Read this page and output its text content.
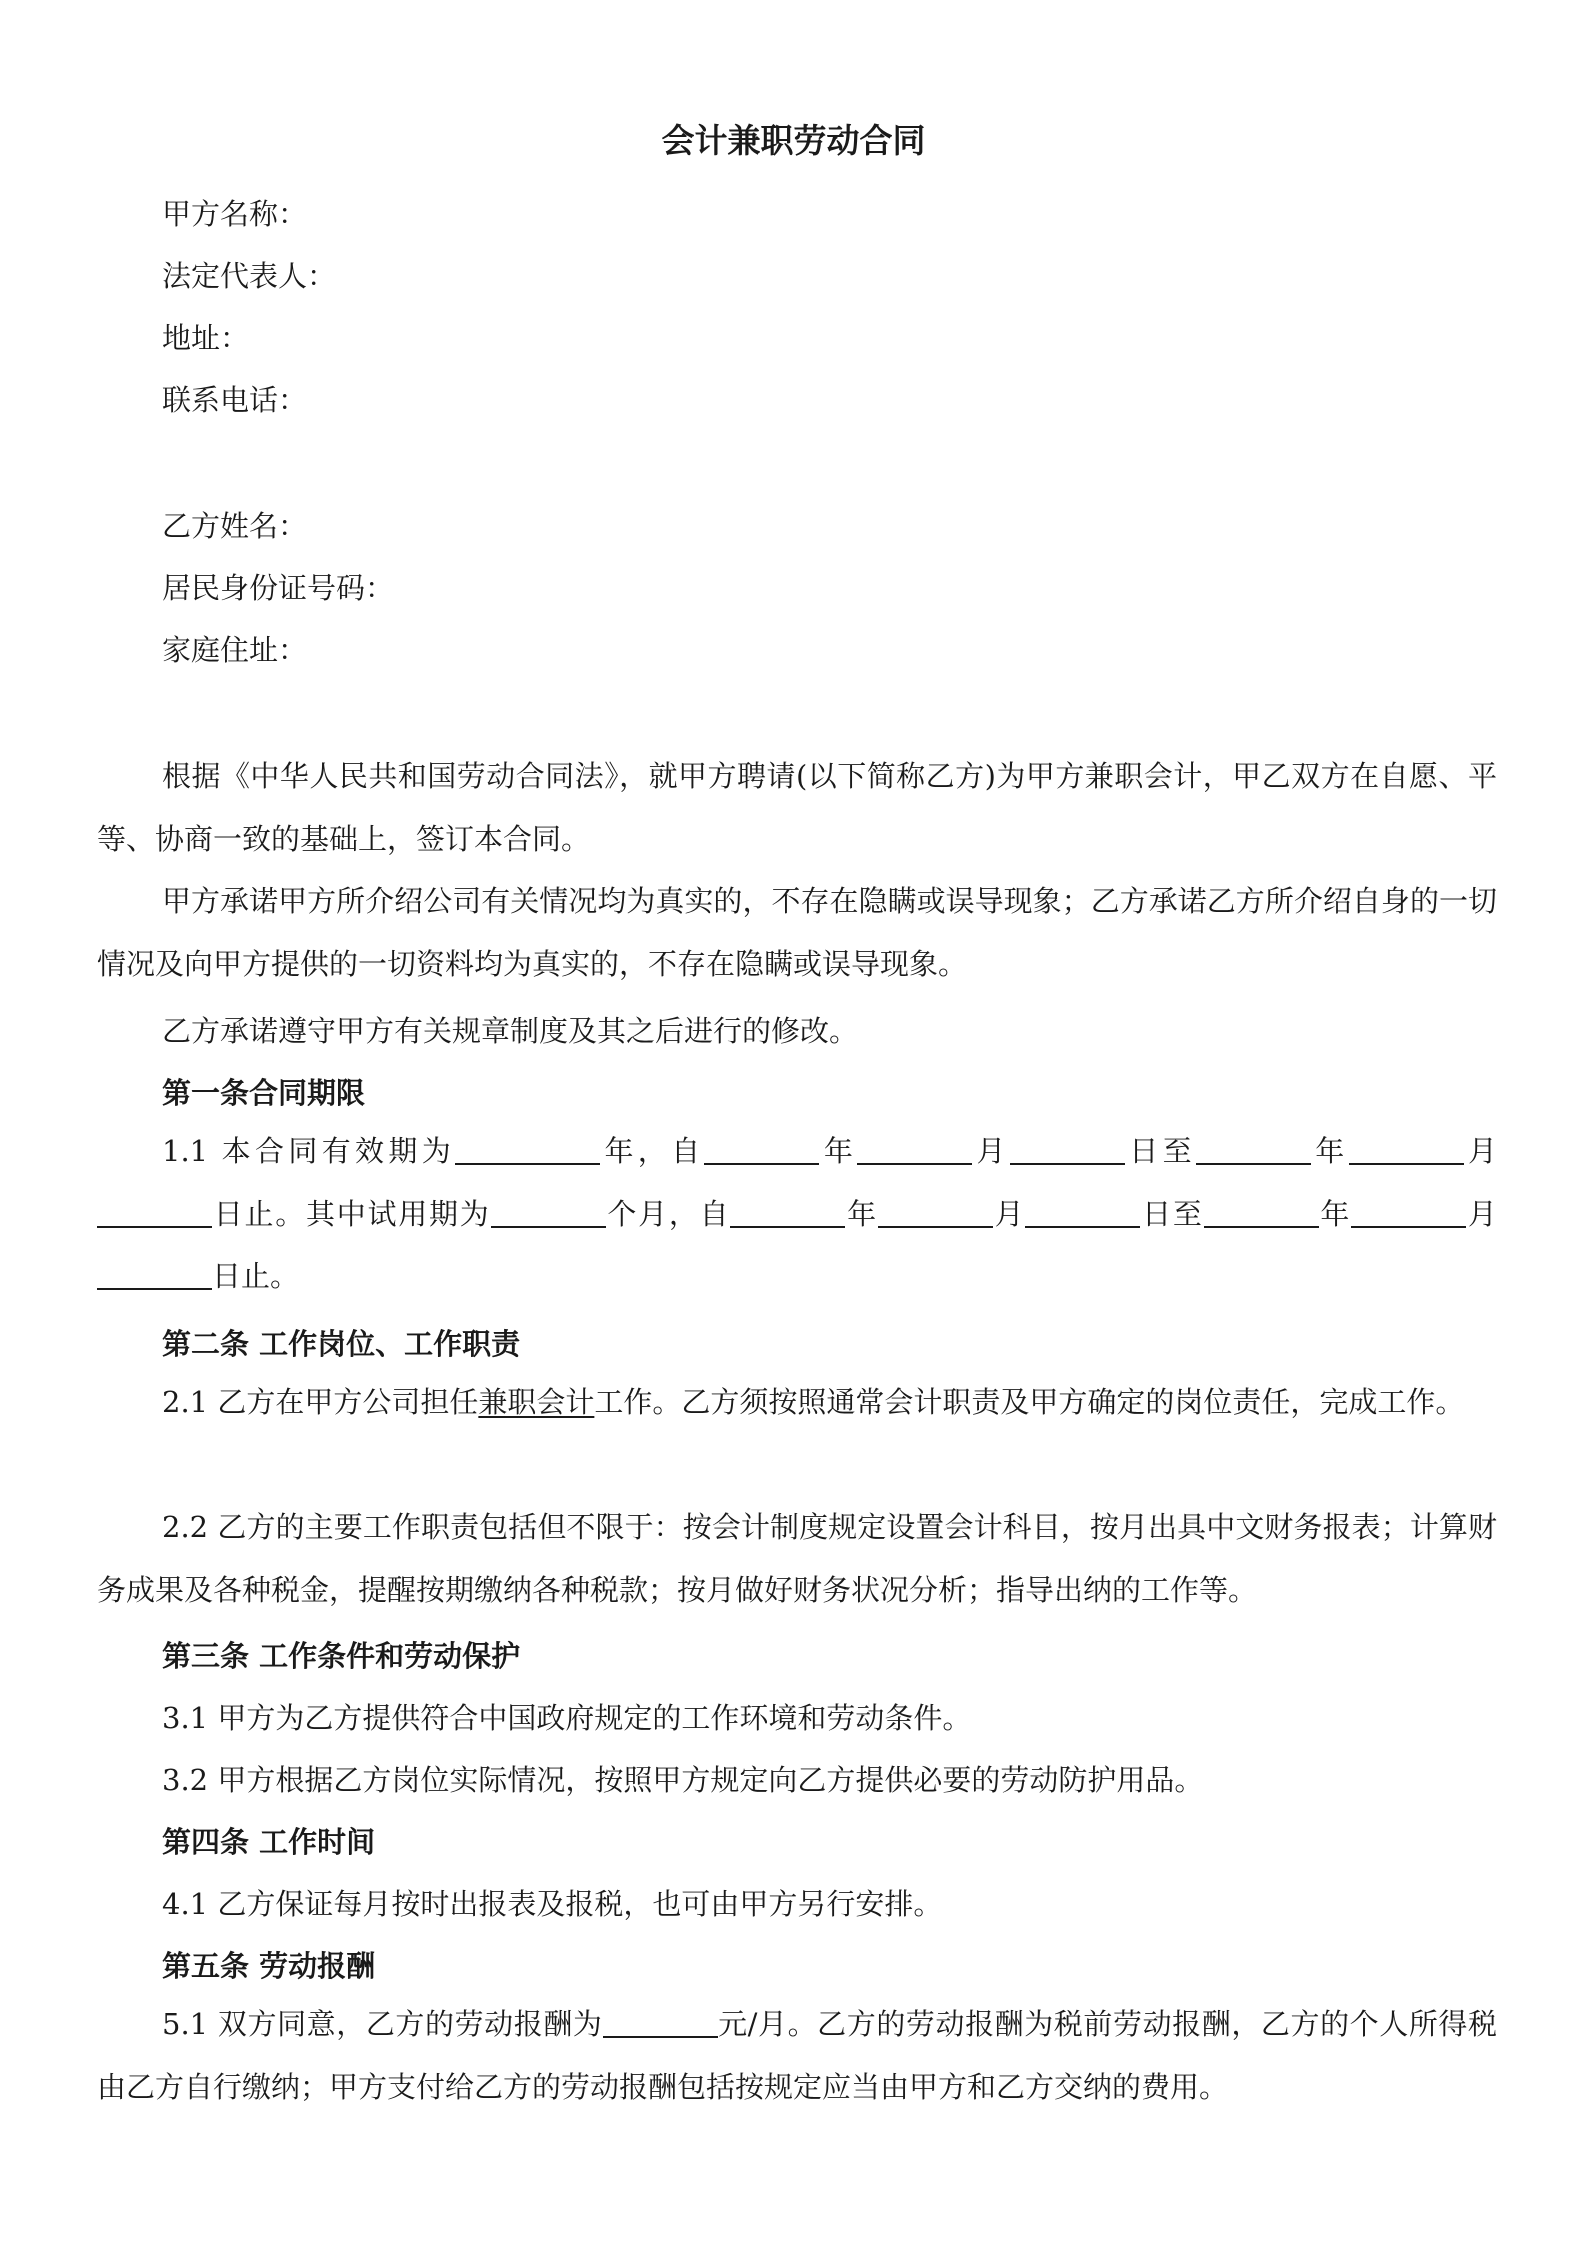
会计兼职劳动合同
甲方名称：
法定代表人：
地址：
联系电话：
乙方姓名：
居民身份证号码：
家庭住址：
根据《中华人民共和国劳动合同法》，就甲方聘请(以下简称乙方)为甲方兼职会计，甲乙双方在自愿、平等、协商一致的基础上，签订本合同。
甲方承诺甲方所介绍公司有关情况均为真实的，不存在隐瞒或误导现象；乙方承诺乙方所介绍自身的一切情况及向甲方提供的一切资料均为真实的，不存在隐瞒或误导现象。
乙方承诺遵守甲方有关规章制度及其之后进行的修改。
第一条合同期限
1.1 本合同有效期为	年，自	年	月	日至	年	月日止。其中试用期为	个月，自	年	月	日至	年	月日止。
第二条 工作岗位、工作职责
2.1 乙方在甲方公司担任兼职会计工作。乙方须按照通常会计职责及甲方确定的岗位责任，完成工作。
2.2 乙方的主要工作职责包括但不限于：按会计制度规定设置会计科目，按月出具中文财务报表；计算财务成果及各种税金，提醒按期缴纳各种税款；按月做好财务状况分析；指导出纳的工作等。
第三条 工作条件和劳动保护
3.1 甲方为乙方提供符合中国政府规定的工作环境和劳动条件。
3.2 甲方根据乙方岗位实际情况，按照甲方规定向乙方提供必要的劳动防护用品。
第四条 工作时间
4.1 乙方保证每月按时出报表及报税，也可由甲方另行安排。
第五条 劳动报酬
5.1 双方同意，乙方的劳动报酬为	元/月。乙方的劳动报酬为税前劳动报酬，乙方的个人所得税由乙方自行缴纳；甲方支付给乙方的劳动报酬包括按规定应当由甲方和乙方交纳的费用。
